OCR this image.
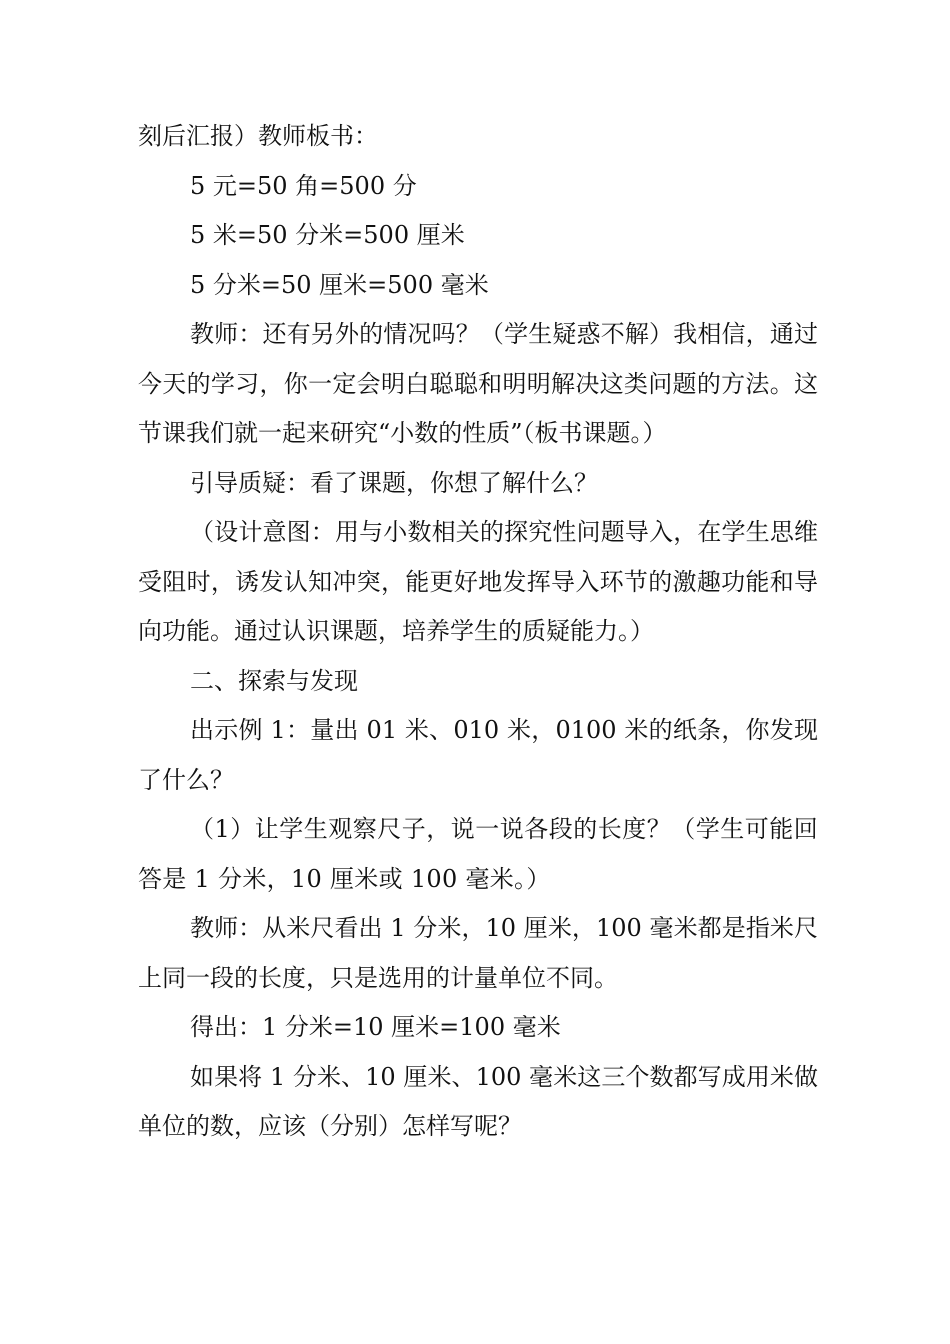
刻后汇报）教师板书：

5 元=50 角=500 分

5 米=50 分米=500 厘米

5 分米=50 厘米=500 毫米

教师：还有另外的情况吗？（学生疑惑不解）我相信，通过今天的学习，你一定会明白聪聪和明明解决这类问题的方法。这节课我们就一起来研究“小数的性质”（板书课题。）

引导质疑：看了课题，你想了解什么？

（设计意图：用与小数相关的探究性问题导入，在学生思维受阻时，诱发认知冲突，能更好地发挥导入环节的激趣功能和导向功能。通过认识课题，培养学生的质疑能力。）

二、探索与发现

出示例 1：量出 01 米、010 米，0100 米的纸条，你发现了什么？

（1）让学生观察尺子，说一说各段的长度？（学生可能回答是 1 分米，10 厘米或 100 毫米。）

教师：从米尺看出 1 分米，10 厘米，100 毫米都是指米尺上同一段的长度，只是选用的计量单位不同。

得出：1 分米=10 厘米=100 毫米

如果将 1 分米、10 厘米、100 毫米这三个数都写成用米做单位的数，应该（分别）怎样写呢？
